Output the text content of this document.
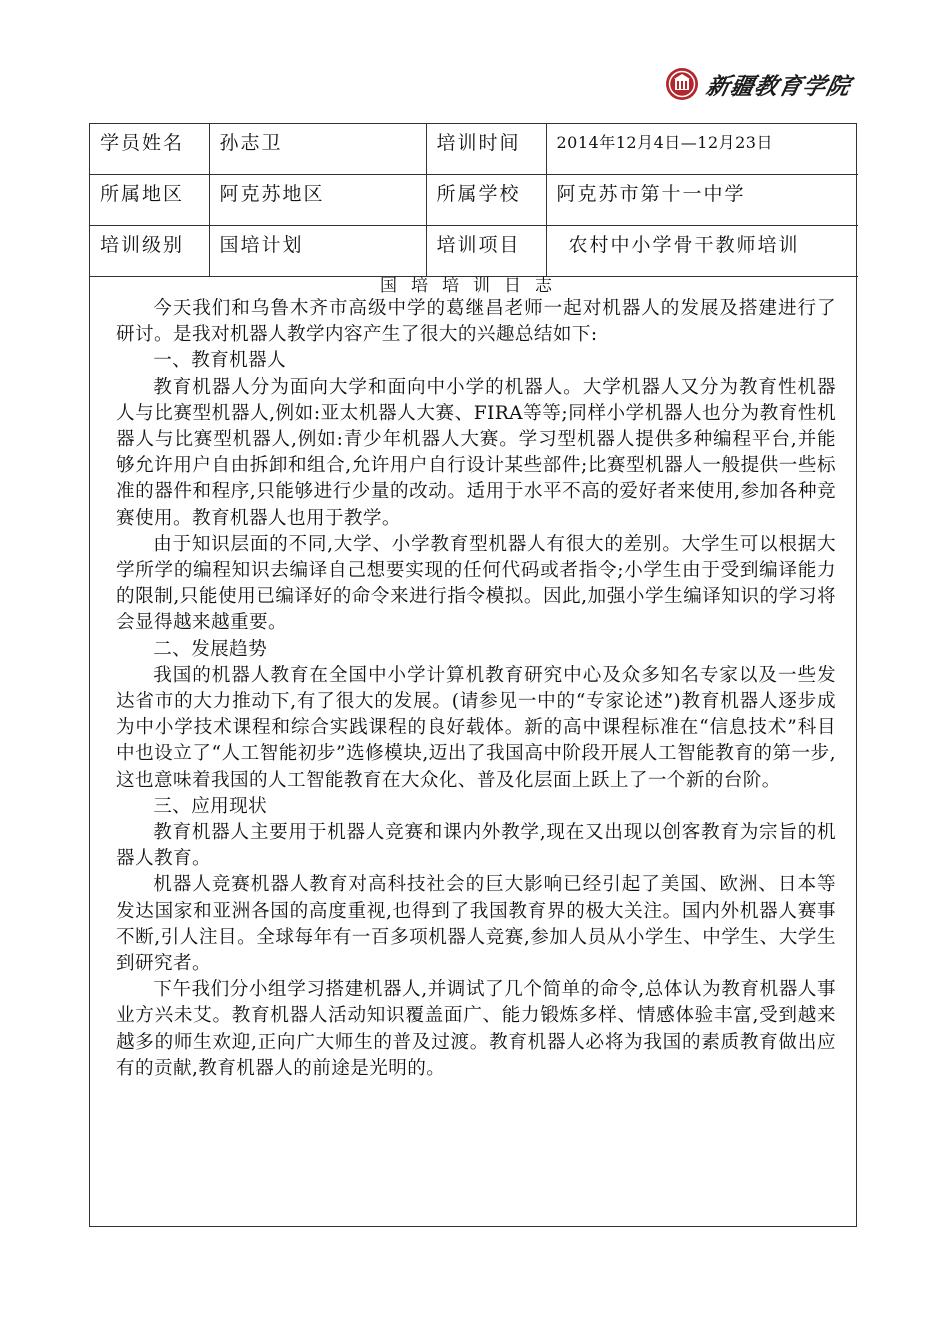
新疆教育学院
学员姓名	孙志卫	培训时间	2014年12月4日—12月23日

所属地区	阿克苏地区	所属学校	阿克苏市第十一中学

培训级别	国培计划	培训项目	农村中小学骨干教师培训
国培培训日志

今天我们和乌鲁木齐市高级中学的葛继昌老师一起对机器人的发展及搭建进行了研讨。是我对机器人教学内容产生了很大的兴趣总结如下:

一、教育机器人

教育机器人分为面向大学和面向中小学的机器人。大学机器人又分为教育性机器人与比赛型机器人,例如:亚太机器人大赛、FIRA等等;同样小学机器人也分为教育性机器人与比赛型机器人,例如:青少年机器人大赛。学习型机器人提供多种编程平台,并能够允许用户自由拆卸和组合,允许用户自行设计某些部件;比赛型机器人一般提供一些标准的器件和程序,只能够进行少量的改动。适用于水平不高的爱好者来使用,参加各种竞赛使用。教育机器人也用于教学。

由于知识层面的不同,大学、小学教育型机器人有很大的差别。大学生可以根据大学所学的编程知识去编译自己想要实现的任何代码或者指令;小学生由于受到编译能力的限制,只能使用已编译好的命令来进行指令模拟。因此,加强小学生编译知识的学习将会显得越来越重要。

二、发展趋势

我国的机器人教育在全国中小学计算机教育研究中心及众多知名专家以及一些发达省市的大力推动下,有了很大的发展。(请参见一中的“专家论述”)教育机器人逐步成为中小学技术课程和综合实践课程的良好载体。新的高中课程标准在“信息技术”科目中也设立了“人工智能初步”选修模块,迈出了我国高中阶段开展人工智能教育的第一步,这也意味着我国的人工智能教育在大众化、普及化层面上跃上了一个新的台阶。

三、应用现状

教育机器人主要用于机器人竞赛和课内外教学,现在又出现以创客教育为宗旨的机器人教育。

机器人竞赛机器人教育对高科技社会的巨大影响已经引起了美国、欧洲、日本等发达国家和亚洲各国的高度重视,也得到了我国教育界的极大关注。国内外机器人赛事不断,引人注目。全球每年有一百多项机器人竞赛,参加人员从小学生、中学生、大学生到研究者。

下午我们分小组学习搭建机器人,并调试了几个简单的命令,总体认为教育机器人事业方兴未艾。教育机器人活动知识覆盖面广、能力锻炼多样、情感体验丰富,受到越来越多的师生欢迎,正向广大师生的普及过渡。教育机器人必将为我国的素质教育做出应有的贡献,教育机器人的前途是光明的。
